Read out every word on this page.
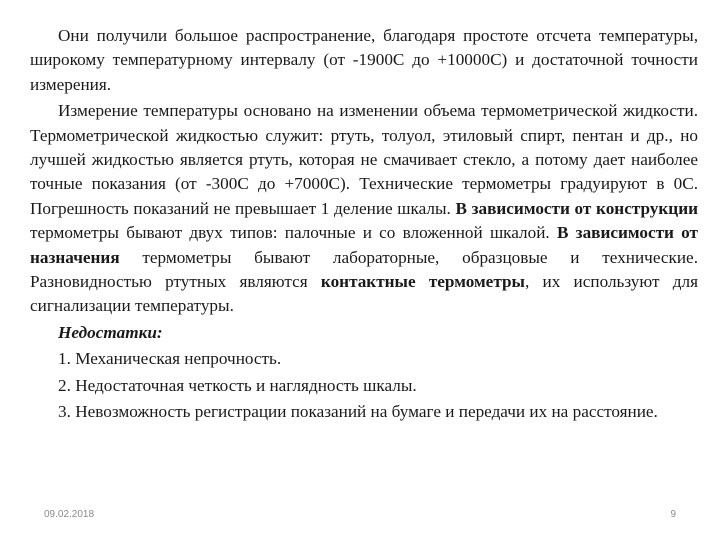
Они получили большое распространение, благодаря простоте отсчета температуры, широкому температурному интервалу (от -1900С до +10000С) и достаточной точности измерения.

Измерение температуры основано на изменении объема термометрической жидкости. Термометрической жидкостью служит: ртуть, толуол, этиловый спирт, пентан и др., но лучшей жидкостью является ртуть, которая не смачивает стекло, а потому дает наиболее точные показания (от -300С до +7000С). Технические термометры градуируют в 0С. Погрешность показаний не превышает 1 деление шкалы. В зависимости от конструкции термометры бывают двух типов: палочные и со вложенной шкалой. В зависимости от назначения термометры бывают лабораторные, образцовые и технические. Разновидностью ртутных являются контактные термометры, их используют для сигнализации температуры.

Недостатки:

1. Механическая непрочность.

2. Недостаточная четкость и наглядность шкалы.

3. Невозможность регистрации показаний на бумаге и передачи их на расстояние.

09.02.2018	9
